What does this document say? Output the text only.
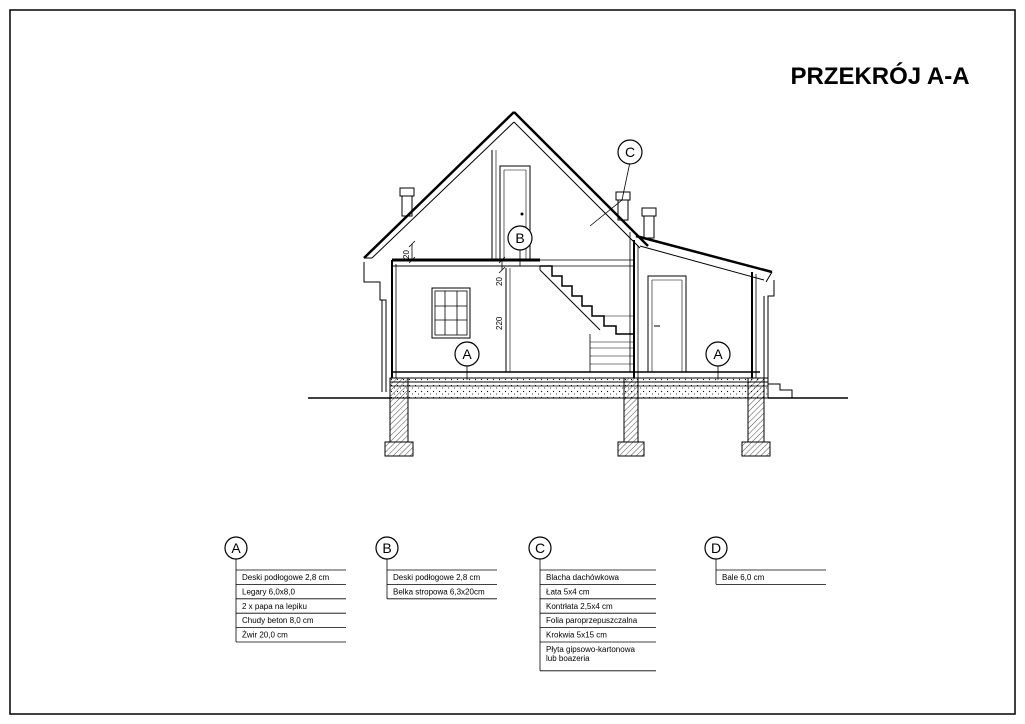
PRZEKRÓJ A-A
20
20
220
A	A
B
C
A
Deski podłogowe 2,8 cm
Legary 6,0x8,0
2 x papa na lepiku
Chudy beton 8,0 cm
Żwir 20,0 cm
B
Deski podłogowe 2,8 cm
Belka stropowa 6,3x20cm
C
Blacha dachówkowa
Łata 5x4 cm
Kontrłata 2,5x4 cm
Folia paroprzepuszczalna
Krokwia 5x15 cm
Płyta gipsowo-kartonowa lub boazeria
D
Bale 6,0 cm
